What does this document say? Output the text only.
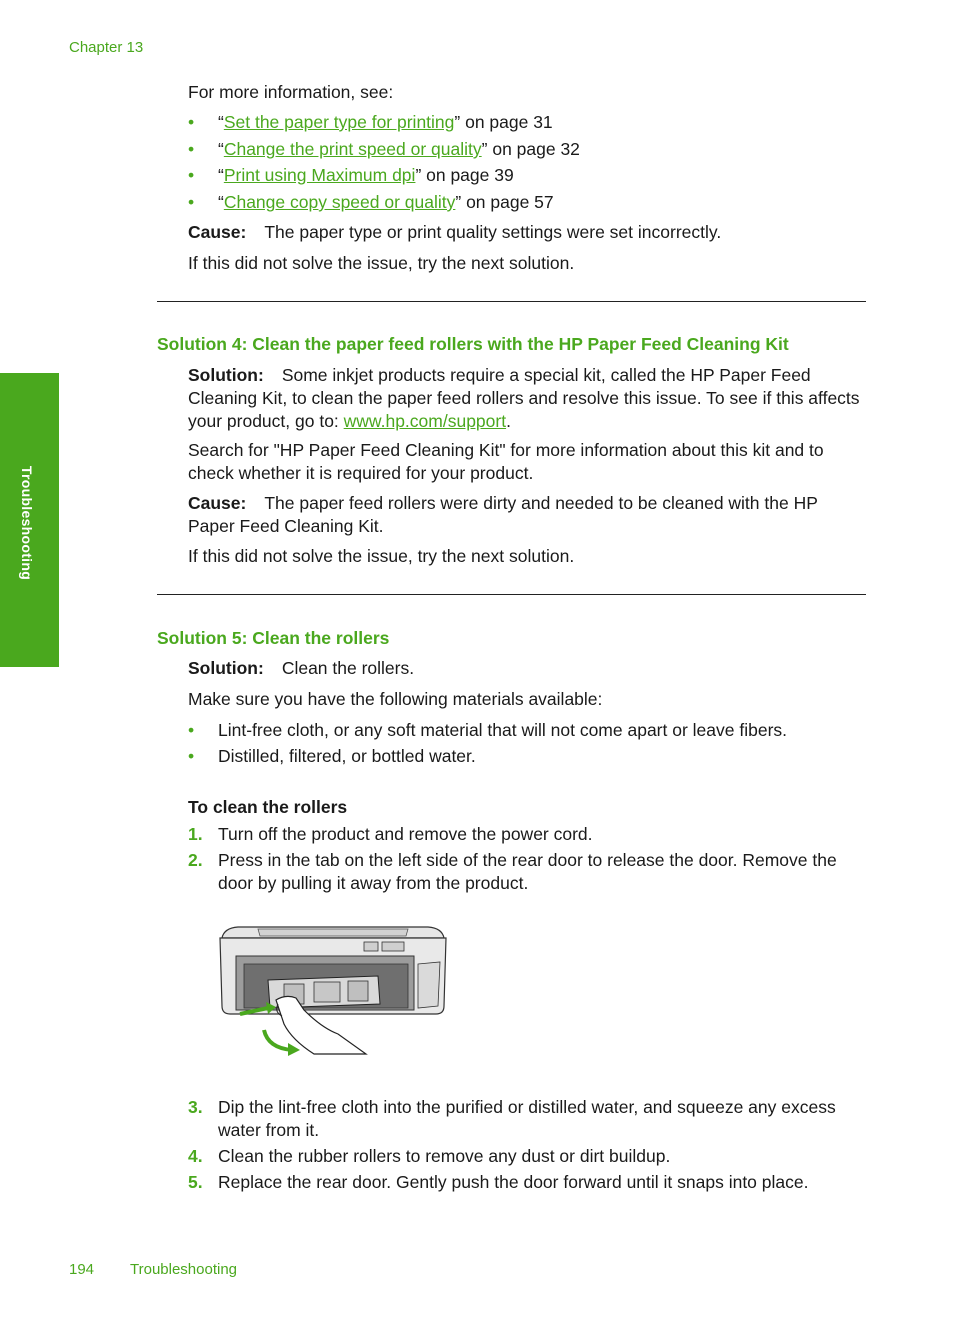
Chapter 13
Troubleshooting
For more information, see:
• “Set the paper type for printing” on page 31
• “Change the print speed or quality” on page 32
• “Print using Maximum dpi” on page 39
• “Change copy speed or quality” on page 57
Cause: The paper type or print quality settings were set incorrectly.
If this did not solve the issue, try the next solution.
Solution 4: Clean the paper feed rollers with the HP Paper Feed Cleaning Kit
Solution: Some inkjet products require a special kit, called the HP Paper Feed Cleaning Kit, to clean the paper feed rollers and resolve this issue. To see if this affects your product, go to: www.hp.com/support.
Search for "HP Paper Feed Cleaning Kit" for more information about this kit and to check whether it is required for your product.
Cause: The paper feed rollers were dirty and needed to be cleaned with the HP Paper Feed Cleaning Kit.
If this did not solve the issue, try the next solution.
Solution 5: Clean the rollers
Solution: Clean the rollers.
Make sure you have the following materials available:
• Lint-free cloth, or any soft material that will not come apart or leave fibers.
• Distilled, filtered, or bottled water.
To clean the rollers
1. Turn off the product and remove the power cord.
2. Press in the tab on the left side of the rear door to release the door. Remove the door by pulling it away from the product.
3. Dip the lint-free cloth into the purified or distilled water, and squeeze any excess water from it.
4. Clean the rubber rollers to remove any dust or dirt buildup.
5. Replace the rear door. Gently push the door forward until it snaps into place.
194 Troubleshooting
